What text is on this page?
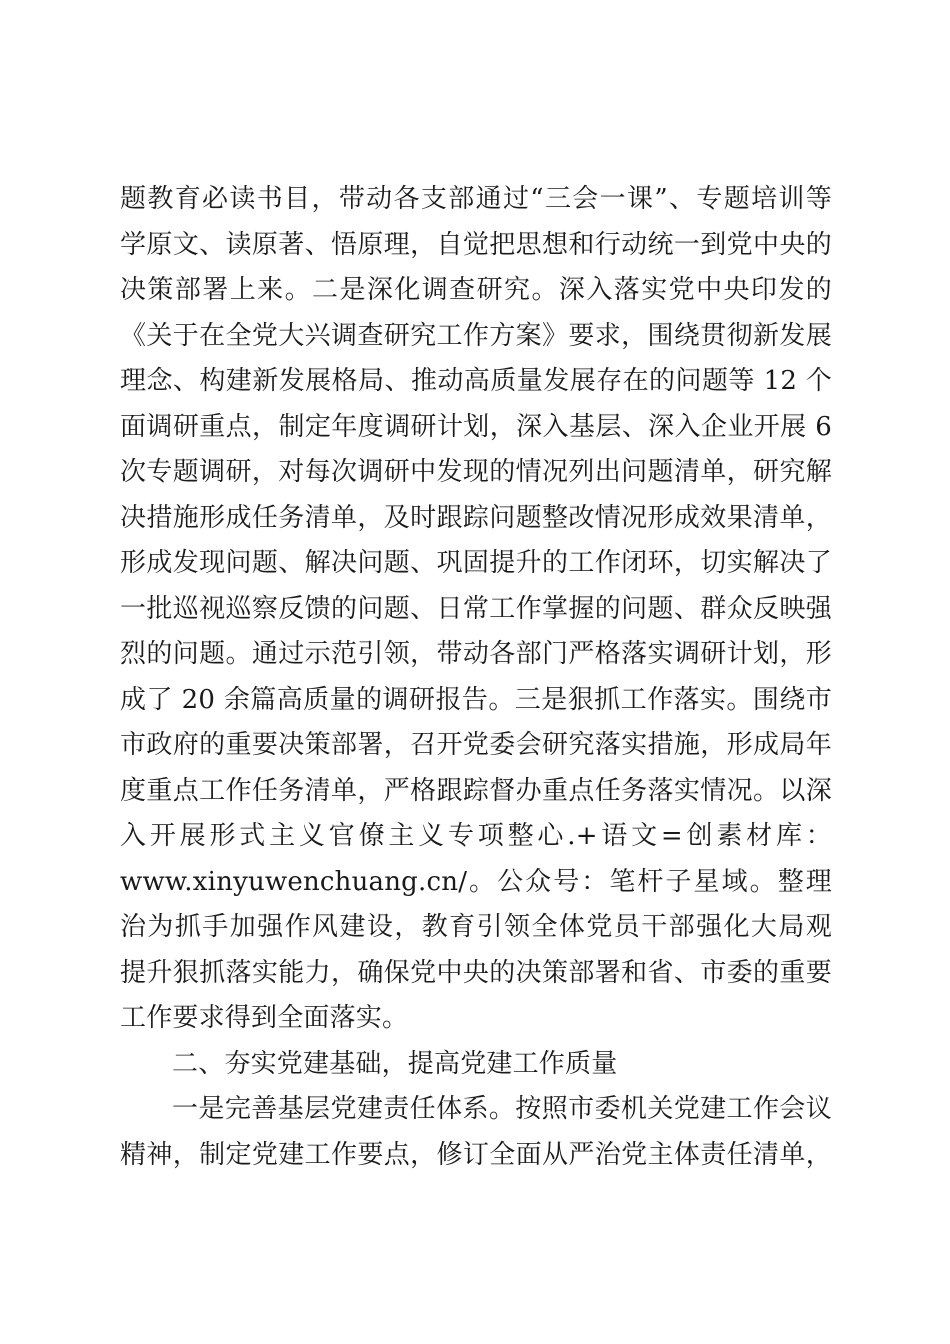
题教育必读书目，带动各支部通过“三会一课”、专题培训等
学原文、读原著、悟原理，自觉把思想和行动统一到党中央的
决策部署上来。二是深化调查研究。深入落实党中央印发的
《关于在全党大兴调查研究工作方案》要求，围绕贯彻新发展
理念、构建新发展格局、推动高质量发展存在的问题等 12 个
面调研重点，制定年度调研计划，深入基层、深入企业开展 6
次专题调研，对每次调研中发现的情况列出问题清单，研究解
决措施形成任务清单，及时跟踪问题整改情况形成效果清单，
形成发现问题、解决问题、巩固提升的工作闭环，切实解决了
一批巡视巡察反馈的问题、日常工作掌握的问题、群众反映强
烈的问题。通过示范引领，带动各部门严格落实调研计划，形
成了 20 余篇高质量的调研报告。三是狠抓工作落实。围绕市
市政府的重要决策部署，召开党委会研究落实措施，形成局年
度重点工作任务清单，严格跟踪督办重点任务落实情况。以深
入开展形式主义官僚主义专项整心.+语文=创素材库：
www.xinyuwenchuang.cn/。公众号：笔杆子星域。整理
治为抓手加强作风建设，教育引领全体党员干部强化大局观
提升狠抓落实能力，确保党中央的决策部署和省、市委的重要
工作要求得到全面落实。
二、夯实党建基础，提高党建工作质量
一是完善基层党建责任体系。按照市委机关党建工作会议
精神，制定党建工作要点，修订全面从严治党主体责任清单，
